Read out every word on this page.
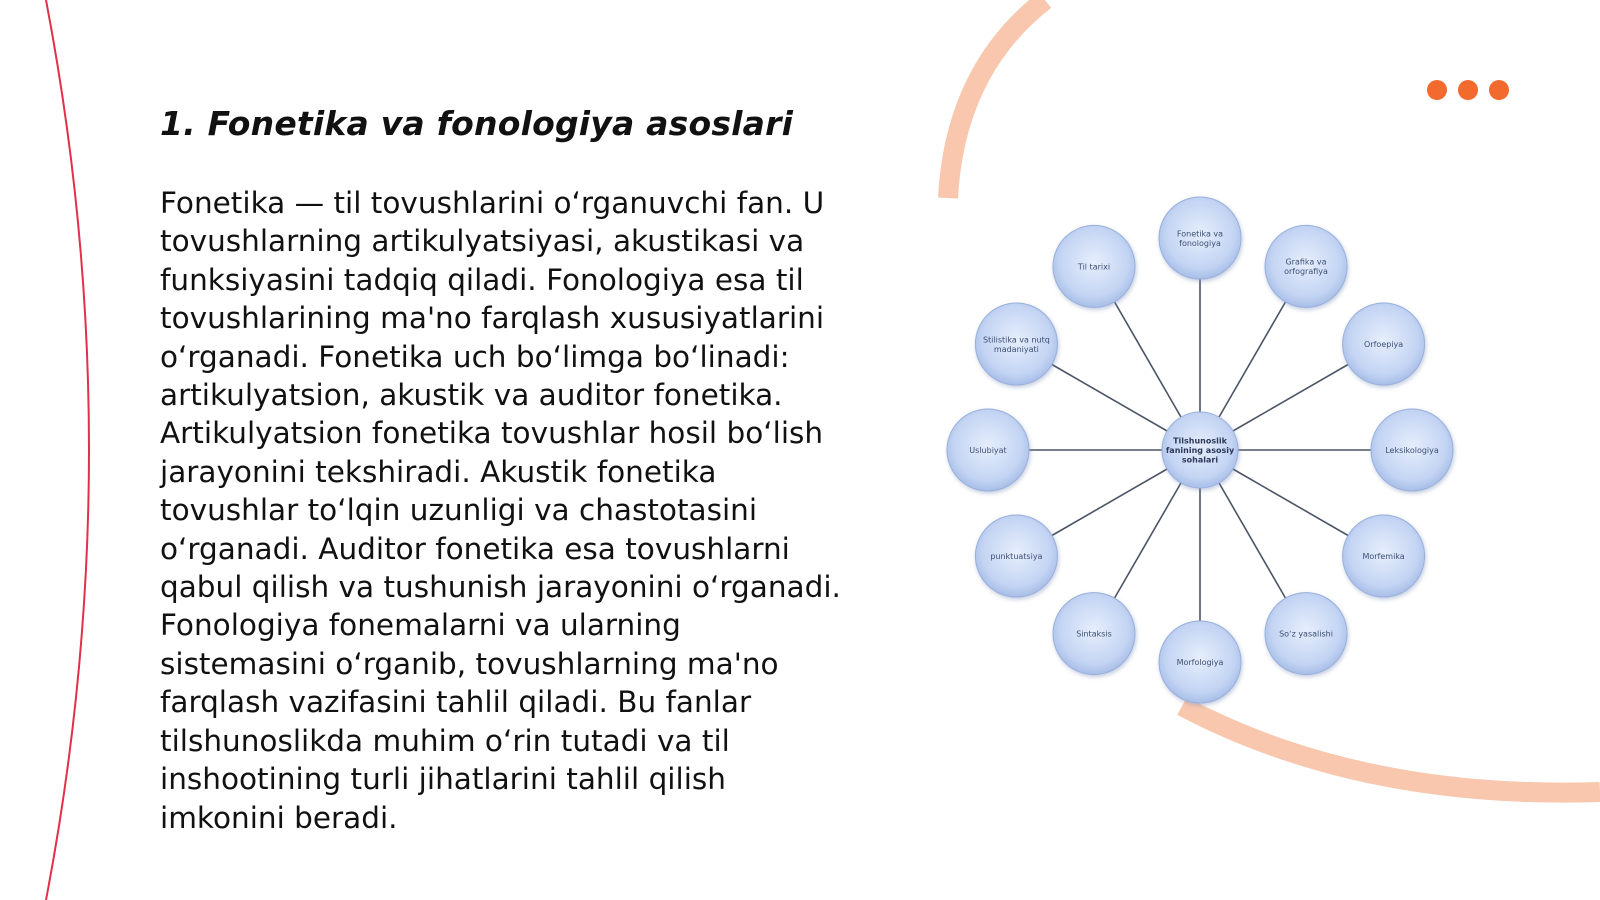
1. Fonetika va fonologiya asoslari

Fonetika — til tovushlarini oʻrganuvchi fan. U tovushlarning artikulyatsiyasi, akustikasi va funksiyasini tadqiq qiladi. Fonologiya esa til tovushlarining ma'no farqlash xususiyatlarini oʻrganadi. Fonetika uch boʻlimga boʻlinadi: artikulyatsion, akustik va auditor fonetika. Artikulyatsion fonetika tovushlar hosil boʻlish jarayonini tekshiradi. Akustik fonetika tovushlar toʻlqin uzunligi va chastotasini oʻrganadi. Auditor fonetika esa tovushlarni qabul qilish va tushunish jarayonini oʻrganadi. Fonologiya fonemalarni va ularning sistemasini oʻrganib, tovushlarning ma'no farqlash vazifasini tahlil qiladi. Bu fanlar tilshunoslikda muhim oʻrin tutadi va til inshootining turli jihatlarini tahlil qilish imkonini beradi.

Fonetika va fonologiya
Grafika va orfografiya
Orfoepiya
Leksikologiya
Morfemika
Soʻz yasalishi
Morfologiya
Sintaksis
punktuatsiya
Uslubiyat
Stilistika va nutq madaniyati
Til tarixi
Tilshunoslik fanining asosiy sohalari
